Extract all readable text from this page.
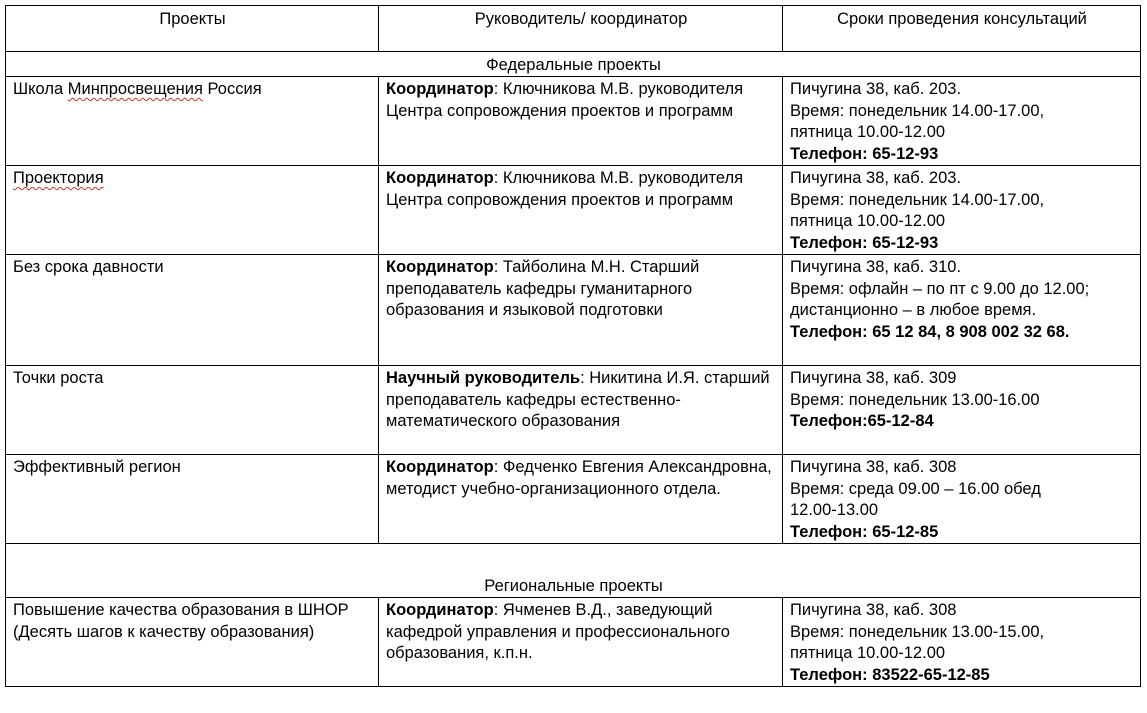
Проекты	Руководитель/ координатор	Сроки проведения консультаций
Федеральные проекты		
Школа Минпросвещения Россия	Координатор: Ключникова М.В. руководителя Центра сопровождения проектов и программ	Пичугина 38, каб. 203.
Время: понедельник 14.00-17.00,
пятница 10.00-12.00
Телефон: 65-12-93

Проектория	Координатор: Ключникова М.В. руководителя Центра сопровождения проектов и программ	Пичугина 38, каб. 203.
Время: понедельник 14.00-17.00,
пятница 10.00-12.00
Телефон: 65-12-93

Без срока давности	Координатор: Тайболина М.Н. Старший преподаватель кафедры гуманитарного образования и языковой подготовки	Пичугина 38, каб. 310.
Время: офлайн – по пт с 9.00 до 12.00;
дистанционно – в любое время.
Телефон: 65 12 84, 8 908 002 32 68.

Точки роста	Научный руководитель: Никитина И.Я. старший преподаватель кафедры естественно-математического образования	Пичугина 38, каб. 309
Время: понедельник 13.00-16.00
Телефон:65-12-84

Эффективный регион	Координатор: Федченко Евгения Александровна, методист учебно-организационного отдела.	Пичугина 38, каб. 308
Время: среда 09.00 – 16.00 обед
12.00-13.00
Телефон: 65-12-85

Региональные проекты		
Повышение качества образования в ШНОР (Десять шагов к качеству образования)	Координатор: Ячменев В.Д., заведующий кафедрой управления и профессионального образования, к.п.н.	Пичугина 38, каб. 308
Время: понедельник 13.00-15.00,
пятница 10.00-12.00
Телефон: 83522-65-12-85
